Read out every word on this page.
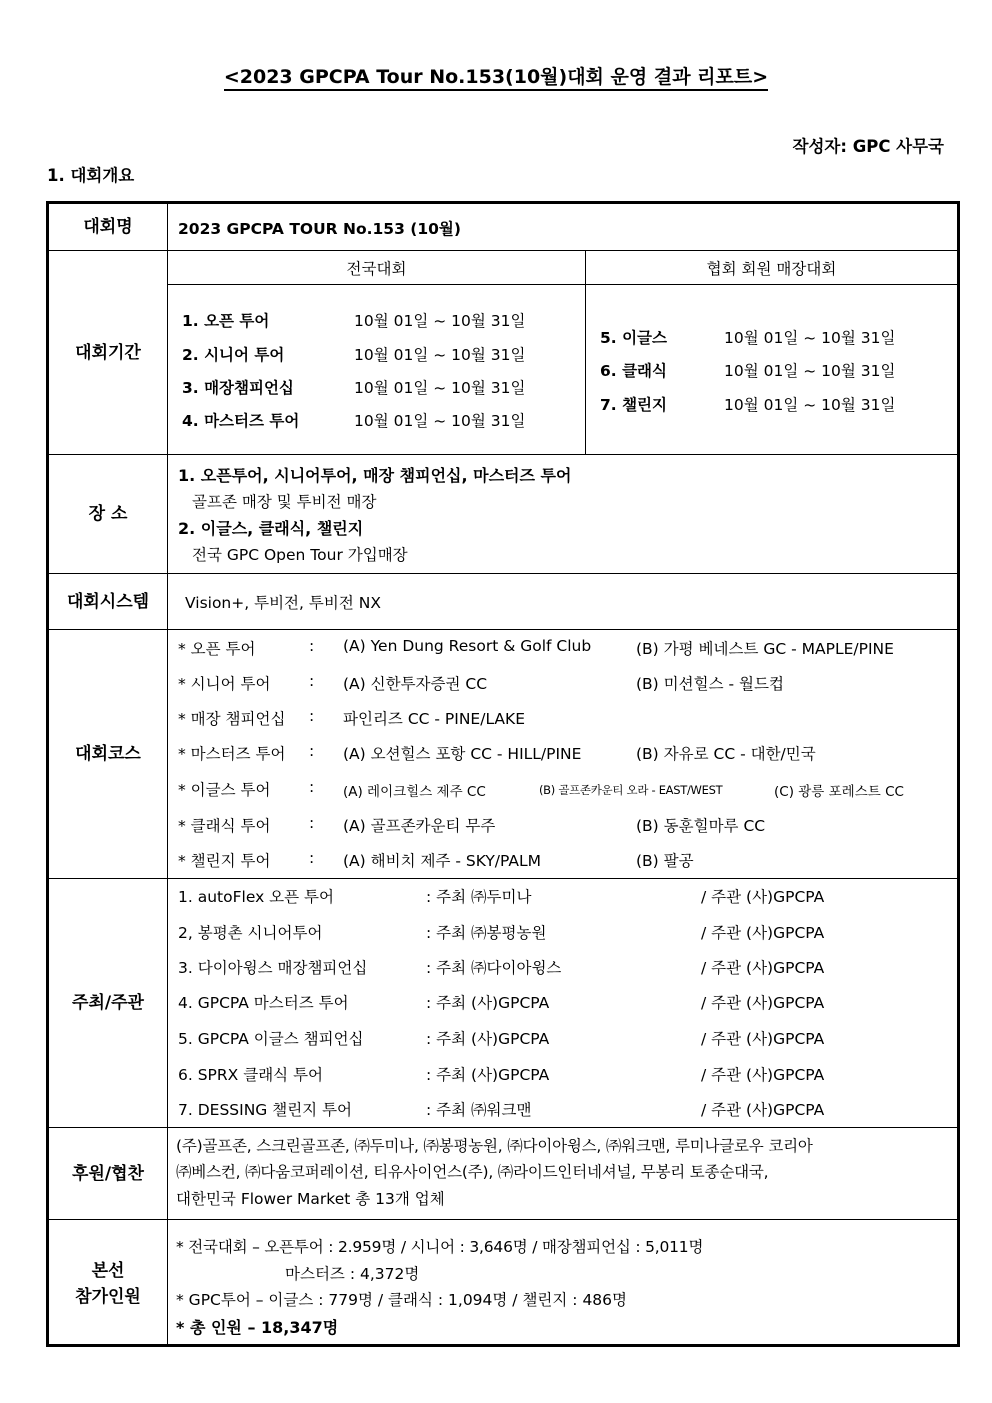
<2023 GPCPA Tour No.153(10월)대회 운영 결과 리포트>
작성자: GPC 사무국
1. 대회개요
대회명	2023 GPCPA TOUR No.153 (10월)
대회기간
전국대회	협회 회원 매장대회
1. 오픈 투어	10월 01일 ~ 10월 31일
2. 시니어 투어	10월 01일 ~ 10월 31일
3. 매장챔피언십	10월 01일 ~ 10월 31일
4. 마스터즈 투어	10월 01일 ~ 10월 31일
5. 이글스	10월 01일 ~ 10월 31일
6. 클래식	10월 01일 ~ 10월 31일
7. 챌린지	10월 01일 ~ 10월 31일
장 소
1. 오픈투어, 시니어투어, 매장 챔피언십, 마스터즈 투어
골프존 매장 및 투비전 매장
2. 이글스, 클래식, 챌린지
전국 GPC Open Tour 가입매장
대회시스템	Vision+, 투비전, 투비전 NX
대회코스
* 오픈 투어	: (A) Yen Dung Resort & Golf Club	(B) 가평 베네스트 GC - MAPLE/PINE
* 시니어 투어 : (A) 신한투자증권 CC	(B) 미션힐스 - 월드컵
* 매장 챔피언십 : 파인리즈 CC - PINE/LAKE
* 마스터즈 투어 : (A) 오션힐스 포항 CC - HILL/PINE	(B) 자유로 CC - 대한/민국
* 이글스 투어 : (A) 레이크힐스 제주 CC	(B) 골프존카운티 오라 - EAST/WEST	(C) 광릉 포레스트 CC
* 클래식 투어 : (A) 골프존카운티 무주	(B) 동훈힐마루 CC
* 챌린지 투어 : (A) 해비치 제주 - SKY/PALM	(B) 팔공
주최/주관
1. autoFlex 오픈 투어	: 주최 ㈜두미나	/ 주관 (사)GPCPA
2, 봉평촌 시니어투어	: 주최 ㈜봉평농원	/ 주관 (사)GPCPA
3. 다이아윙스 매장챔피언십	: 주최 ㈜다이아윙스	/ 주관 (사)GPCPA
4. GPCPA 마스터즈 투어	: 주최 (사)GPCPA	/ 주관 (사)GPCPA
5. GPCPA 이글스 챔피언십	: 주최 (사)GPCPA	/ 주관 (사)GPCPA
6. SPRX 클래식 투어	: 주최 (사)GPCPA	/ 주관 (사)GPCPA
7. DESSING 챌린지 투어	: 주최 ㈜워크맨	/ 주관 (사)GPCPA
후원/협찬
(주)골프존, 스크린골프존, ㈜두미나, ㈜봉평농원, ㈜다이아윙스, ㈜워크맨, 루미나글로우 코리아
㈜베스컨, ㈜다움코퍼레이션, 티유사이언스(주), ㈜라이드인터네셔널, 무봉리 토종순대국,
대한민국 Flower Market 총 13개 업체
본선
참가인원
* 전국대회 – 오픈투어 : 2.959명 / 시니어 : 3,646명 / 매장챔피언십 : 5,011명
마스터즈 : 4,372명
* GPC투어 – 이글스 : 779명 / 클래식 : 1,094명 / 챌린지 : 486명
* 총 인원 – 18,347명
